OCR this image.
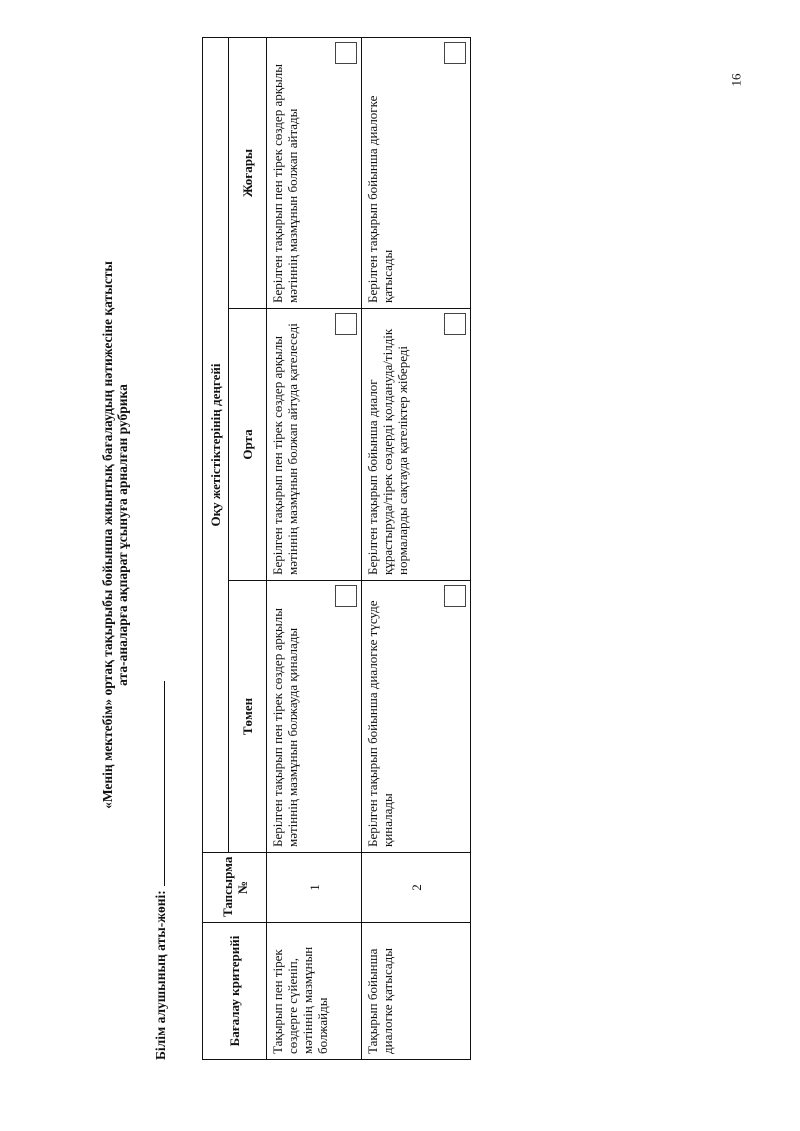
16
«Менің мектебім» ортақ тақырыбы бойынша жиынтық бағалаудың нәтижесіне қатысты ата-аналарға ақпарат ұсынуға арналған рубрика
Білім алушының аты-жөні:	Бағалау критерийі	Тапсырма №	Оқу жетістіктерінің деңгейі		
		Төмен	Орта	Жоғары
Тақырып пен тірек сөздерге сүйеніп, мәтіннің мазмұнын болжайды	1	Берілген тақырып пен тірек сөздер арқылы мәтіннің мазмұнын болжауда қиналады	Берілген тақырып пен тірек сөздер арқылы мәтіннің мазмұнын болжап айтуда қателеседі	Берілген тақырып пен тірек сөздер арқылы мәтіннің мазмұнын болжап айтады

Тақырып бойынша диалогке қатысады	2	Берілген тақырып бойынша диалогке түсуде қиналады	Берілген тақырып бойынша диалог құрастыруда/тірек сөздерді қолдануда/тілдік нормаларды сақтауда қателіктер жібереді	Берілген тақырып бойынша диалогке қатысады
